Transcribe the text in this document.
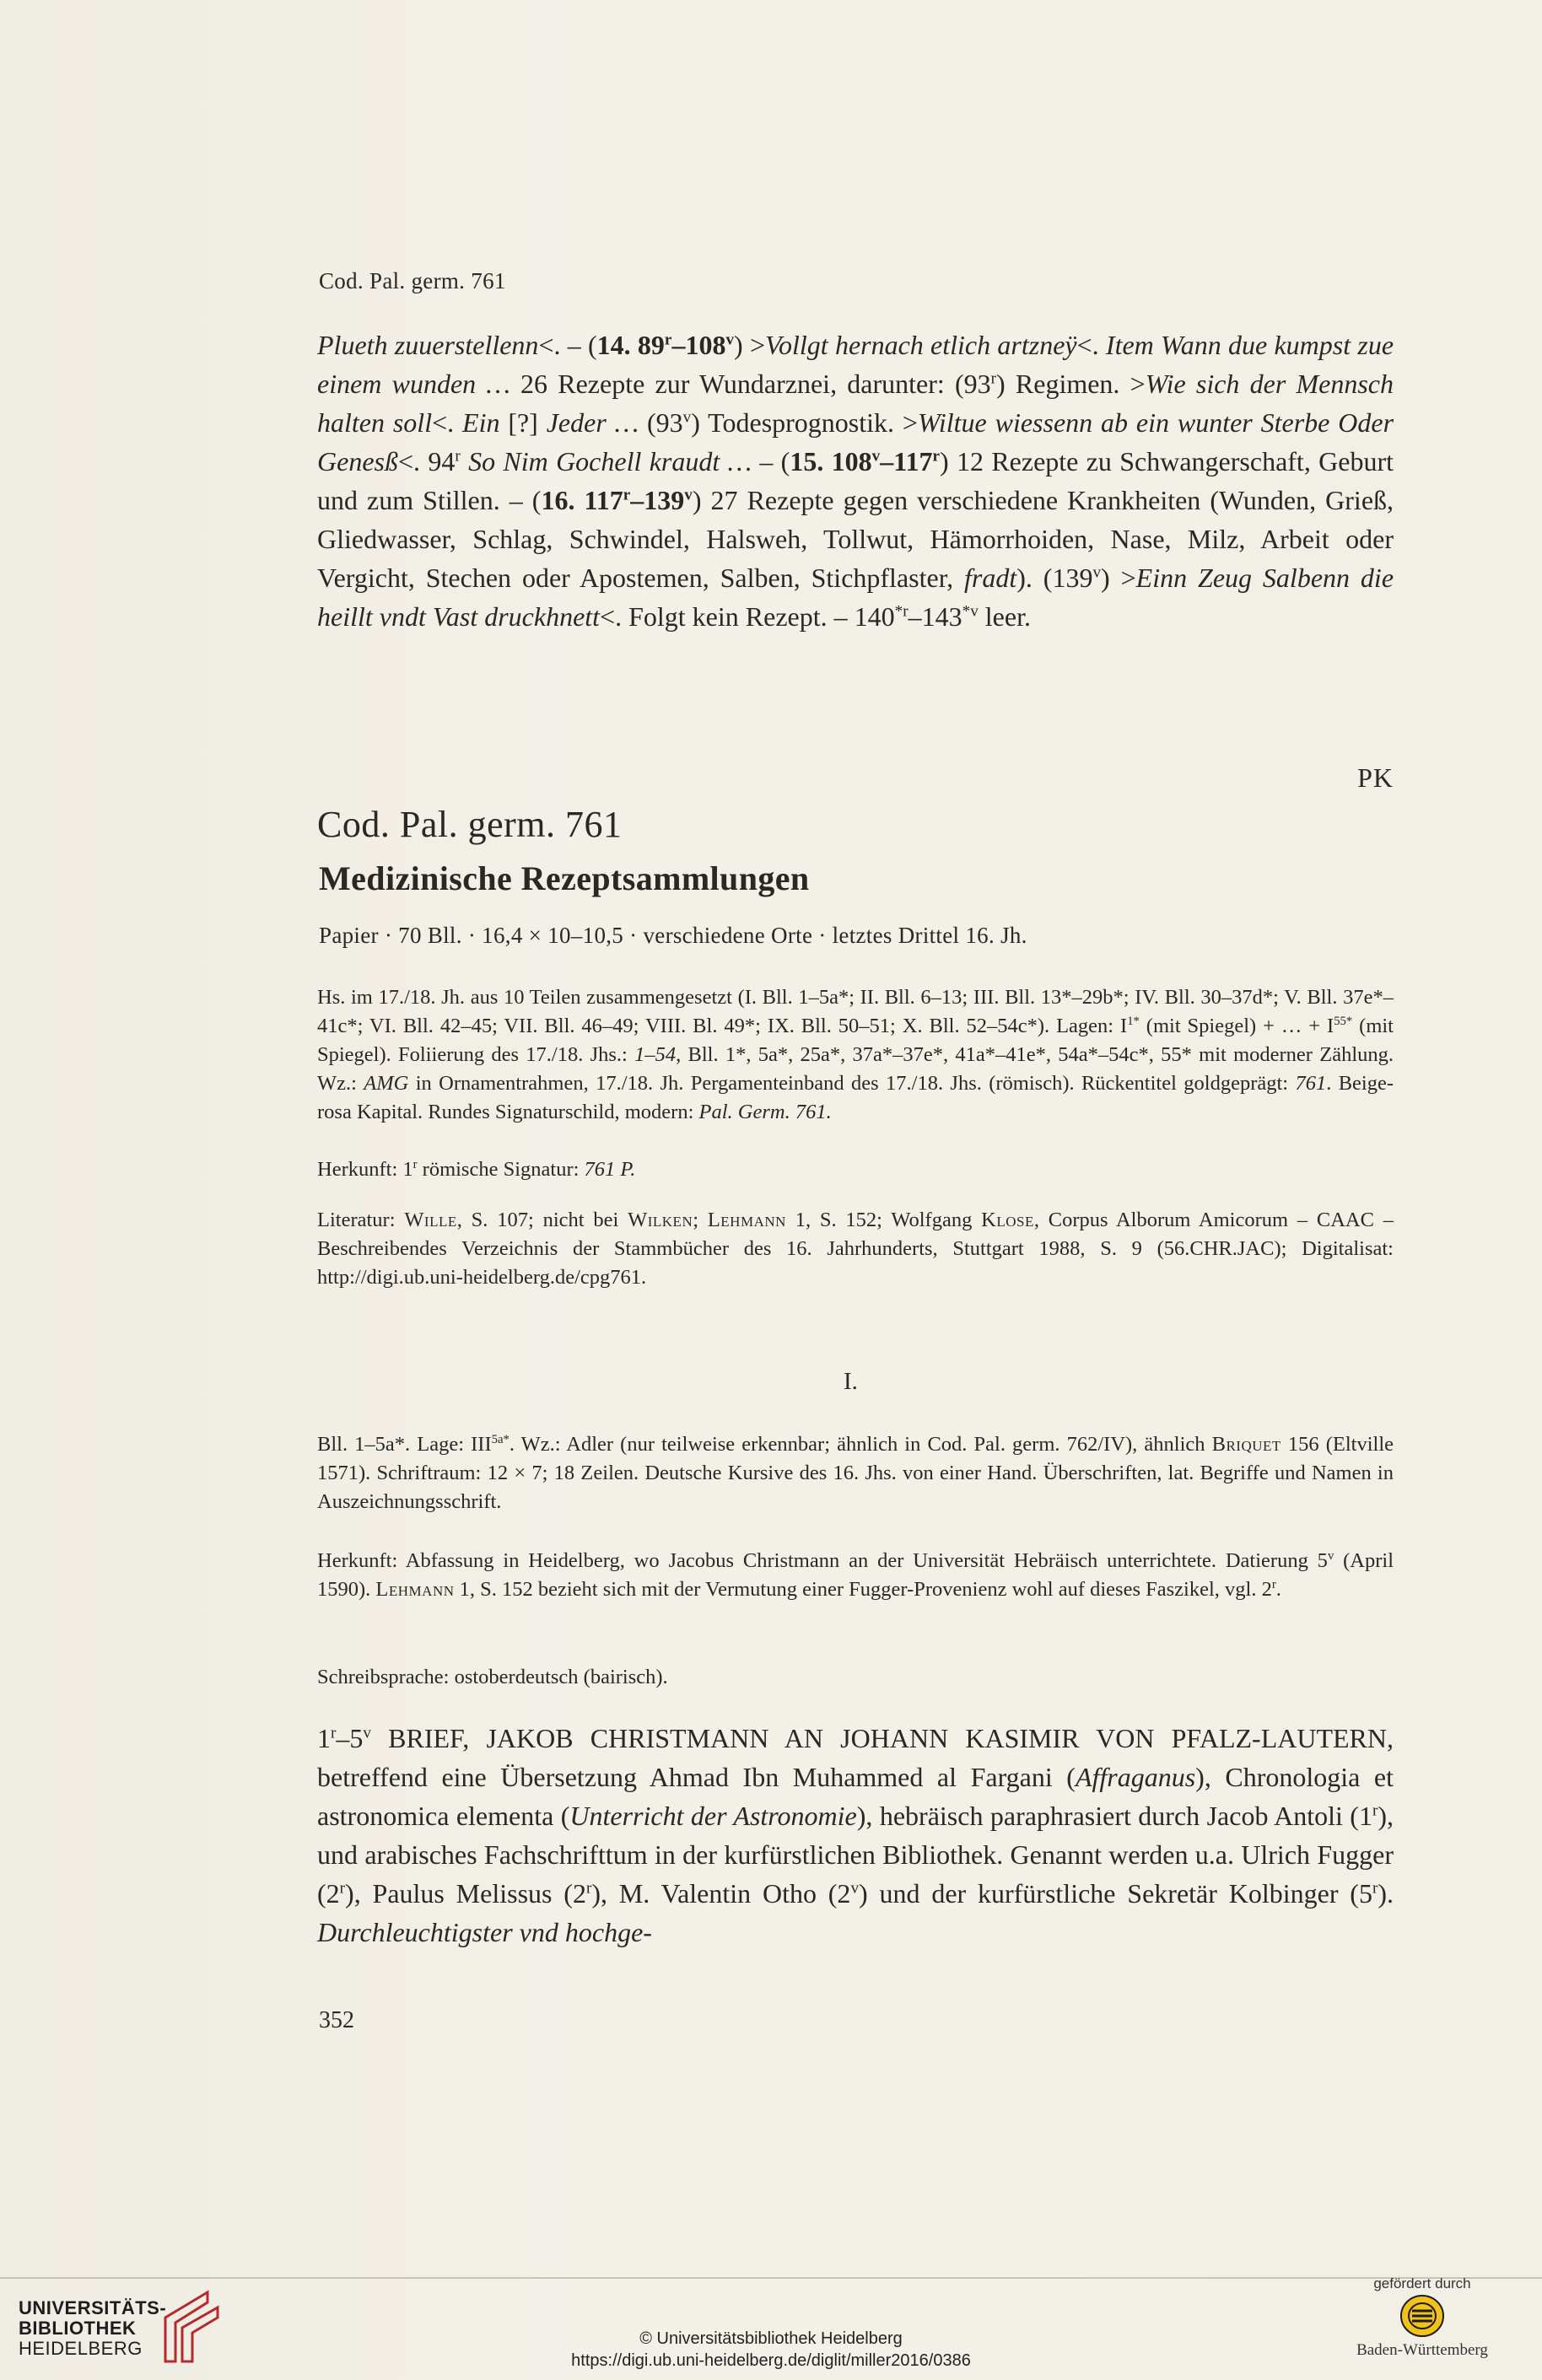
Cod. Pal. germ. 761

Plueth zuuerstellenn<. – (14. $89^r-108^v) >Vollgt$ hernach etlich artzneÿ<. Item Wann due kumpst zue einem wunden … 26 Rezepte zur Wundarznei, darunter: (93$^r$) Regimen. >Wie sich der Mennsch halten soll<. Ein [?] Jeder … (93$^v$) Todesprognostik. >Wiltue wiessenn ab ein wunter Sterbe Oder Genesß<. 94$^r$ So Nim Gochell kraudt … – (15. 108$^v$–117$^r$) 12 Rezepte zu Schwangerschaft, Geburt und zum Stillen. – (16. 117$^r$–139$^v$) 27 Rezepte gegen verschiedene Krankheiten (Wunden, Grieß, Gliedwasser, Schlag, Schwindel, Halsweh, Tollwut, Hämorrhoiden, Nase, Milz, Arbeit oder Vergicht, Stechen oder Apostemen, Salben, Stichpflaster, fradt). $(139^v)$ >Einn Zeug Salbenn die heillt vndt Vast druckhnett<. Folgt kein Rezept. – 140$^{*r}$–143$^{*v}$ leer.

PK
Cod. Pal. germ. 761
Medizinische Rezeptsammlungen
Papier · 70 Bll. · 16,4 × 10–10,5 · verschiedene Orte · letztes Drittel 16. Jh.

Hs. im 17./18. Jh. aus 10 Teilen zusammengesetzt (I. Bll. 1–5a*; II. Bll. 6–13; III. Bll. 13*–29b*; IV. Bll. 30–37d*; V. Bll. 37e*–41c*; VI. Bll. 42–45; VII. Bll. 46–49; VIII. Bl. 49*; IX. Bll. 50–51; X. Bll. 52–54c*). Lagen: $I^{1*}$ (mit Spiegel) + … + $I^{55*}$ (mit Spiegel). Foliierung des 17./18. Jhs.: 1–54, Bll. 1*, 5a*, 25a*, 37a*–37e*, 41a*–41e*, 54a*–54c*, 55* mit moderner Zählung. Wz.: AMG in Ornamentrahmen, 17./18. Jh. Pergamenteinband des 17./18. Jhs. (römisch). Rückentitel goldgeprägt: 761. Beige-rosa Kapital. Rundes Signaturschild, modern: Pal. Germ. 761.

Herkunft: 1$^r$ römische Signatur: 761 P.

Literatur: Wille, S. 107; nicht bei Wilken; Lehmann 1, S. 152; Wolfgang Klose, Corpus Alborum Amicorum – CAAC – Beschreibendes Verzeichnis der Stammbücher des 16. Jahrhunderts, Stuttgart 1988, S. 9 (56.CHR.JAC); Digitalisat: http://digi.ub.uni-heidelberg.de/cpg761.

I.

Bll. 1–5a*. Lage: $III^{5a*}$. Wz.: Adler (nur teilweise erkennbar; ähnlich in Cod. Pal. germ. 762/IV), ähnlich Briquet 156 (Eltville 1571). Schriftraum: 12 × 7; 18 Zeilen. Deutsche Kursive des 16. Jhs. von einer Hand. Überschriften, lat. Begriffe und Namen in Auszeichnungsschrift.

Herkunft: Abfassung in Heidelberg, wo Jacobus Christmann an der Universität Hebräisch unterrichtete. Datierung 5$^v$ (April 1590). Lehmann 1, S. 152 bezieht sich mit der Vermutung einer Fugger-Provenienz wohl auf dieses Faszikel, vgl. 2$^r$.

Schreibsprache: ostoberdeutsch (bairisch).

1$^r$–5$^v$ BRIEF, JAKOB CHRISTMANN AN JOHANN KASIMIR VON PFALZ-LAUTERN, betreffend eine Übersetzung Ahmad Ibn Muhammed al Fargani (Affraganus), Chronologia et astronomica elementa (Unterricht der Astronomie), hebräisch paraphrasiert durch Jacob Antoli (1$^r$), und arabisches Fachschrifttum in der kurfürstlichen Bibliothek. Genannt werden u.a. Ulrich Fugger (2$^r$), Paulus Melissus (2$^r$), M. Valentin Otho (2$^v$) und der kurfürstliche Sekretär Kolbinger (5$^r$). Durchleuchtigster vnd hochge-

352
UNIVERSITÄTS-
BIBLIOTHEK
HEIDELBERG	© Universitätsbibliothek Heidelberg
https://digi.ub.uni-heidelberg.de/diglit/miller2016/0386
gefördert durch
Baden-Württemberg
